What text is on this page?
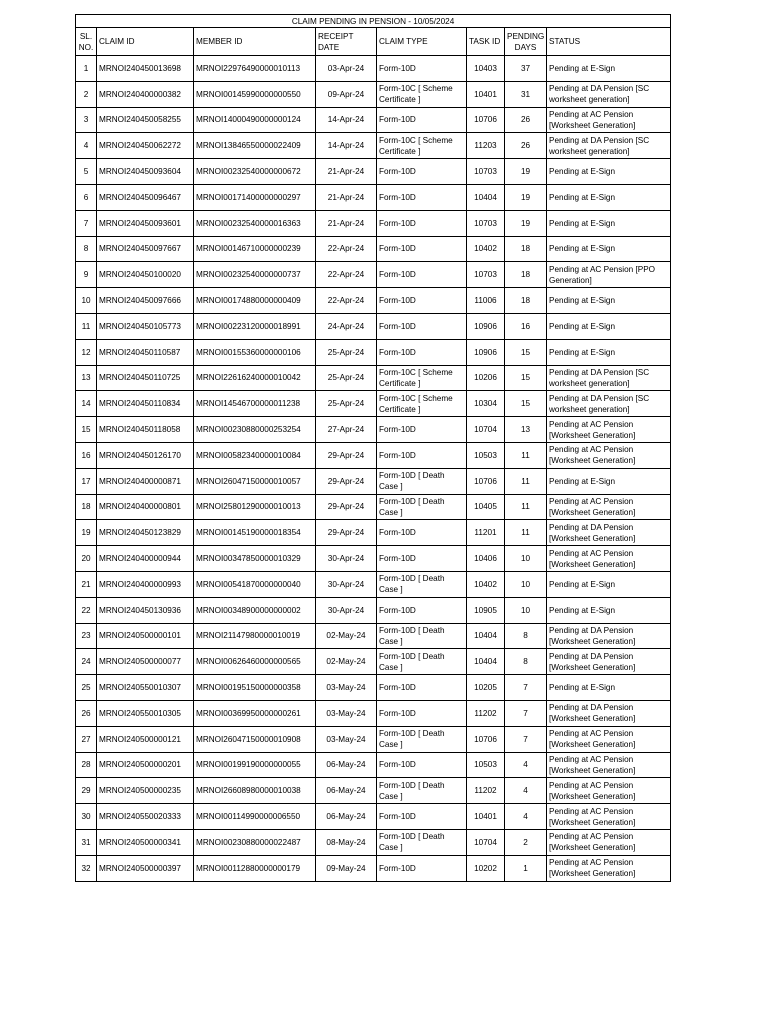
CLAIM PENDING IN PENSION - 10/05/2024							
SL. NO.	CLAIM ID	MEMBER ID	RECEIPT DATE	CLAIM TYPE	TASK ID	PENDING DAYS	STATUS
1	MRNOI240450013698	MRNOI22976490000010113	03-Apr-24	Form-10D	10403	37	Pending at E-Sign
2	MRNOI240400000382	MRNOI00145990000000550	09-Apr-24	Form-10C [ Scheme Certificate ]	10401	31	Pending at DA Pension [SC worksheet generation]
3	MRNOI240450058255	MRNOI14000490000000124	14-Apr-24	Form-10D	10706	26	Pending at AC Pension [Worksheet Generation]
4	MRNOI240450062272	MRNOI13846550000022409	14-Apr-24	Form-10C [ Scheme Certificate ]	11203	26	Pending at DA Pension [SC worksheet generation]
5	MRNOI240450093604	MRNOI00232540000000672	21-Apr-24	Form-10D	10703	19	Pending at E-Sign
6	MRNOI240450096467	MRNOI00171400000000297	21-Apr-24	Form-10D	10404	19	Pending at E-Sign
7	MRNOI240450093601	MRNOI00232540000016363	21-Apr-24	Form-10D	10703	19	Pending at E-Sign
8	MRNOI240450097667	MRNOI00146710000000239	22-Apr-24	Form-10D	10402	18	Pending at E-Sign
9	MRNOI240450100020	MRNOI00232540000000737	22-Apr-24	Form-10D	10703	18	Pending at AC Pension [PPO Generation]
10	MRNOI240450097666	MRNOI00174880000000409	22-Apr-24	Form-10D	11006	18	Pending at E-Sign
11	MRNOI240450105773	MRNOI00223120000018991	24-Apr-24	Form-10D	10906	16	Pending at E-Sign
12	MRNOI240450110587	MRNOI00155360000000106	25-Apr-24	Form-10D	10906	15	Pending at E-Sign
13	MRNOI240450110725	MRNOI22616240000010042	25-Apr-24	Form-10C [ Scheme Certificate ]	10206	15	Pending at DA Pension [SC worksheet generation]
14	MRNOI240450110834	MRNOI14546700000011238	25-Apr-24	Form-10C [ Scheme Certificate ]	10304	15	Pending at DA Pension [SC worksheet generation]
15	MRNOI240450118058	MRNOI00230880000253254	27-Apr-24	Form-10D	10704	13	Pending at AC Pension [Worksheet Generation]
16	MRNOI240450126170	MRNOI00582340000010084	29-Apr-24	Form-10D	10503	11	Pending at AC Pension [Worksheet Generation]
17	MRNOI240400000871	MRNOI26047150000010057	29-Apr-24	Form-10D [ Death Case ]	10706	11	Pending at E-Sign
18	MRNOI240400000801	MRNOI25801290000010013	29-Apr-24	Form-10D [ Death Case ]	10405	11	Pending at AC Pension [Worksheet Generation]
19	MRNOI240450123829	MRNOI00145190000018354	29-Apr-24	Form-10D	11201	11	Pending at DA Pension [Worksheet Generation]
20	MRNOI240400000944	MRNOI00347850000010329	30-Apr-24	Form-10D	10406	10	Pending at AC Pension [Worksheet Generation]
21	MRNOI240400000993	MRNOI00541870000000040	30-Apr-24	Form-10D [ Death Case ]	10402	10	Pending at E-Sign
22	MRNOI240450130936	MRNOI00348900000000002	30-Apr-24	Form-10D	10905	10	Pending at E-Sign
23	MRNOI240500000101	MRNOI21147980000010019	02-May-24	Form-10D [ Death Case ]	10404	8	Pending at DA Pension [Worksheet Generation]
24	MRNOI240500000077	MRNOI00626460000000565	02-May-24	Form-10D [ Death Case ]	10404	8	Pending at DA Pension [Worksheet Generation]
25	MRNOI240550010307	MRNOI00195150000000358	03-May-24	Form-10D	10205	7	Pending at E-Sign
26	MRNOI240550010305	MRNOI00369950000000261	03-May-24	Form-10D	11202	7	Pending at DA Pension [Worksheet Generation]
27	MRNOI240500000121	MRNOI26047150000010908	03-May-24	Form-10D [ Death Case ]	10706	7	Pending at AC Pension [Worksheet Generation]
28	MRNOI240500000201	MRNOI00199190000000055	06-May-24	Form-10D	10503	4	Pending at AC Pension [Worksheet Generation]
29	MRNOI240500000235	MRNOI26608980000010038	06-May-24	Form-10D [ Death Case ]	11202	4	Pending at AC Pension [Worksheet Generation]
30	MRNOI240550020333	MRNOI00114990000006550	06-May-24	Form-10D	10401	4	Pending at AC Pension [Worksheet Generation]
31	MRNOI240500000341	MRNOI00230880000022487	08-May-24	Form-10D [ Death Case ]	10704	2	Pending at AC Pension [Worksheet Generation]
32	MRNOI240500000397	MRNOI00112880000000179	09-May-24	Form-10D	10202	1	Pending at AC Pension [Worksheet Generation]
